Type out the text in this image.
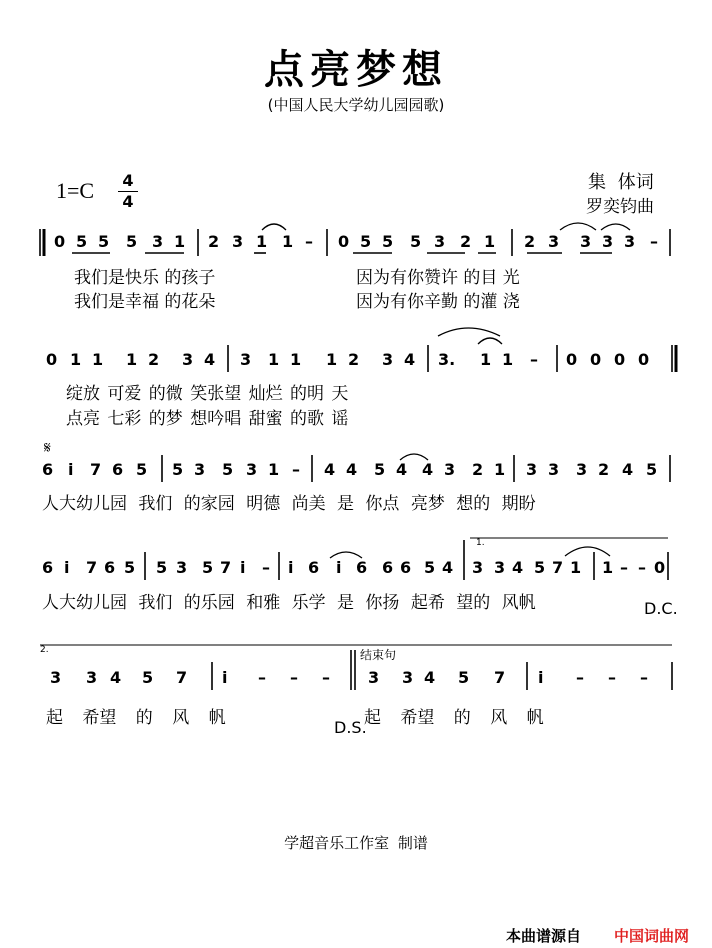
点亮梦想
(中国人民大学幼儿园园歌)
1=C 4
4
集 体词
罗奕钧曲
0 5 5 5 3 1 2 3 1 1 – 0 5 5 5 3 2 1 2 3 3 3 3 –
我们是快乐 的孩子	因为有你赞许 的目 光
我们是幸福 的花朵	因为有你辛勤 的灌 浇
0 1 1 1 2 3 4 3 1 1 1 2 3 4 3. 1 1 – 0 0 0 0
绽放 可爱 的微 笑张望 灿烂 的明 天
点亮 七彩 的梦 想吟唱 甜蜜 的歌 谣
𝄋
6 i 7 6 5 5 3 5 3 1 – 4 4 5 4 4 3 2 1 3 3 3 2 4 5
人大幼儿园 我们 的家园 明德 尚美 是 你点 亮梦 想的 期盼
6 i 7 6 5 5 3 5 7 i – i 6 i 6 6 6 5 4 3 3 4 5 7 1 1 – – 0
人大幼儿园 我们 的乐园 和雅 乐学 是 你扬 起希 望的 风帆	D.C.
2.
1.
结束句
3 3 4 5 7 i – – – 3 3 4 5 7 i – – –
起 希望 的 风 帆	起 希望 的 风 帆
D.S.
学超音乐工作室 制谱
本曲谱源自 中国词曲网
